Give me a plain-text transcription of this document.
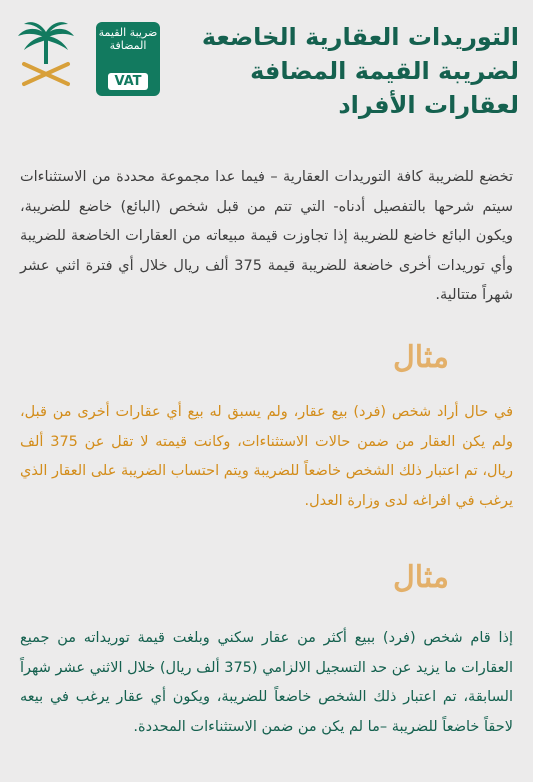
ضريبة القيمة المضافة
VAT
التوريدات العقارية الخاضعة لضريبة القيمة المضافة لعقارات الأفراد
تخضع للضريبة كافة التوريدات العقارية – فيما عدا مجموعة محددة من الاستثناءات سيتم شرحها بالتفصيل أدناه- التي تتم من قبل شخص (البائع) خاضع للضريبة، ويكون البائع خاضع للضريبة إذا تجاوزت قيمة مبيعاته من العقارات الخاضعة للضريبة وأي توريدات أخرى خاضعة للضريبة قيمة 375 ألف ريال خلال أي فترة اثني عشر شهراً متتالية.
مثال
في حال أراد شخص (فرد) بيع عقار، ولم يسبق له بيع أي عقارات أخرى من قبل، ولم يكن العقار من ضمن حالات الاستثناءات، وكانت قيمته لا تقل عن 375 ألف ريال، تم اعتبار ذلك الشخص خاضعاً للضريبة ويتم احتساب الضريبة على العقار الذي يرغب في افراغه لدى وزارة العدل.
مثال
إذا قام شخص (فرد) ببيع أكثر من عقار سكني وبلغت قيمة توريداته من جميع العقارات ما يزيد عن حد التسجيل الالزامي (375 ألف ريال) خلال الاثني عشر شهراً السابقة، تم اعتبار ذلك الشخص خاضعاً للضريبة، ويكون أي عقار يرغب في بيعه لاحقاً خاضعاً للضريبة –ما لم يكن من ضمن الاستثناءات المحددة.
